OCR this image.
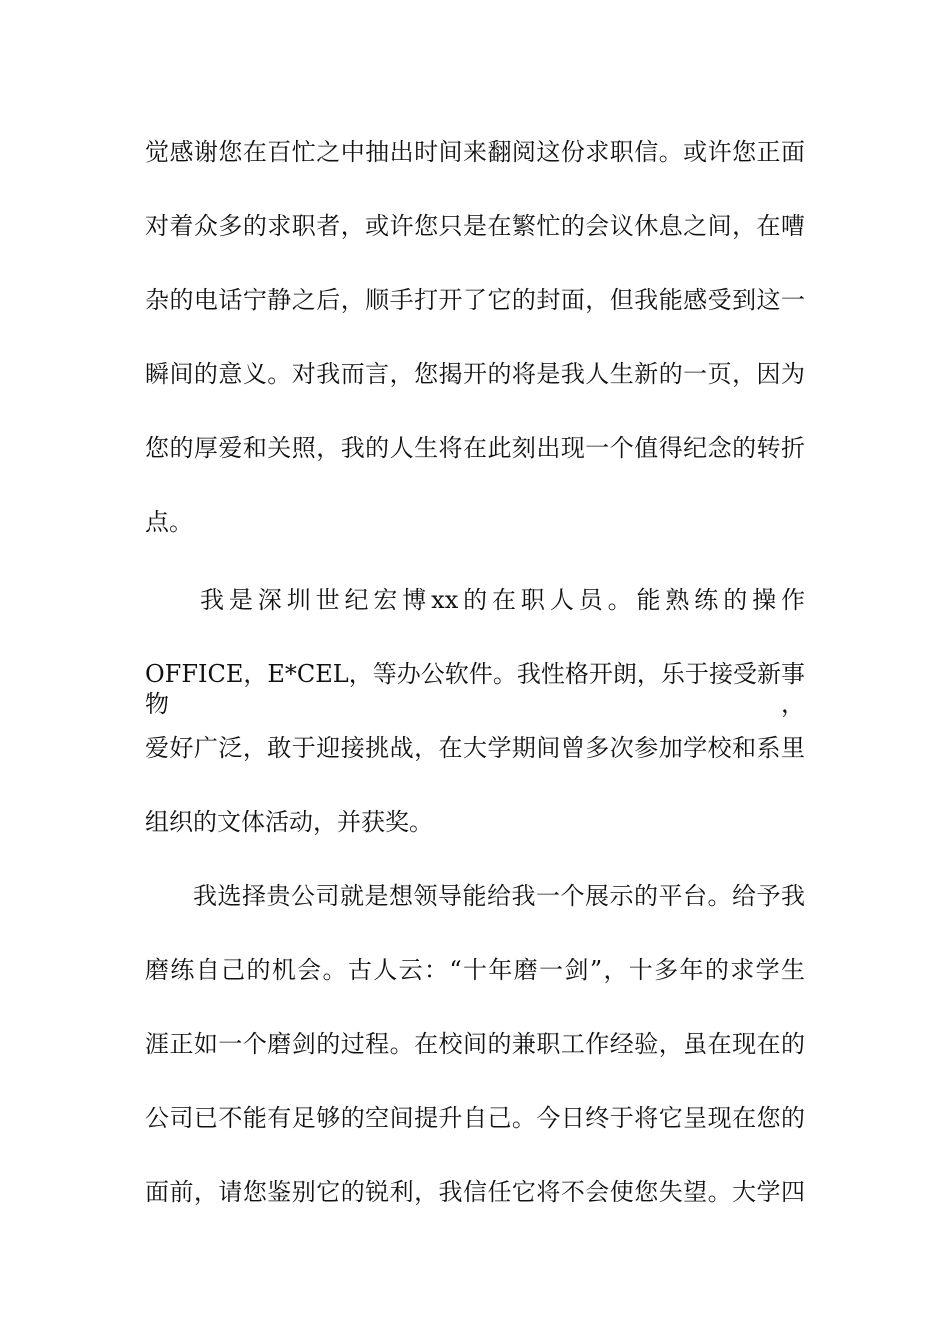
觉感谢您在百忙之中抽出时间来翻阅这份求职信。或许您正面
对着众多的求职者，或许您只是在繁忙的会议休息之间，在嘈
杂的电话宁静之后，顺手打开了它的封面，但我能感受到这一
瞬间的意义。对我而言，您揭开的将是我人生新的一页，因为
您的厚爱和关照，我的人生将在此刻出现一个值得纪念的转折
点。
我是深圳世纪宏博xx的在职人员。能熟练的操作
OFFICE，E*CEL，等办公软件。我性格开朗，乐于接受新事物，
爱好广泛，敢于迎接挑战，在大学期间曾多次参加学校和系里
组织的文体活动，并获奖。
我选择贵公司就是想领导能给我一个展示的平台。给予我
磨练自己的机会。古人云：“十年磨一剑”，十多年的求学生
涯正如一个磨剑的过程。在校间的兼职工作经验，虽在现在的
公司已不能有足够的空间提升自己。今日终于将它呈现在您的
面前，请您鉴别它的锐利，我信任它将不会使您失望。大学四
